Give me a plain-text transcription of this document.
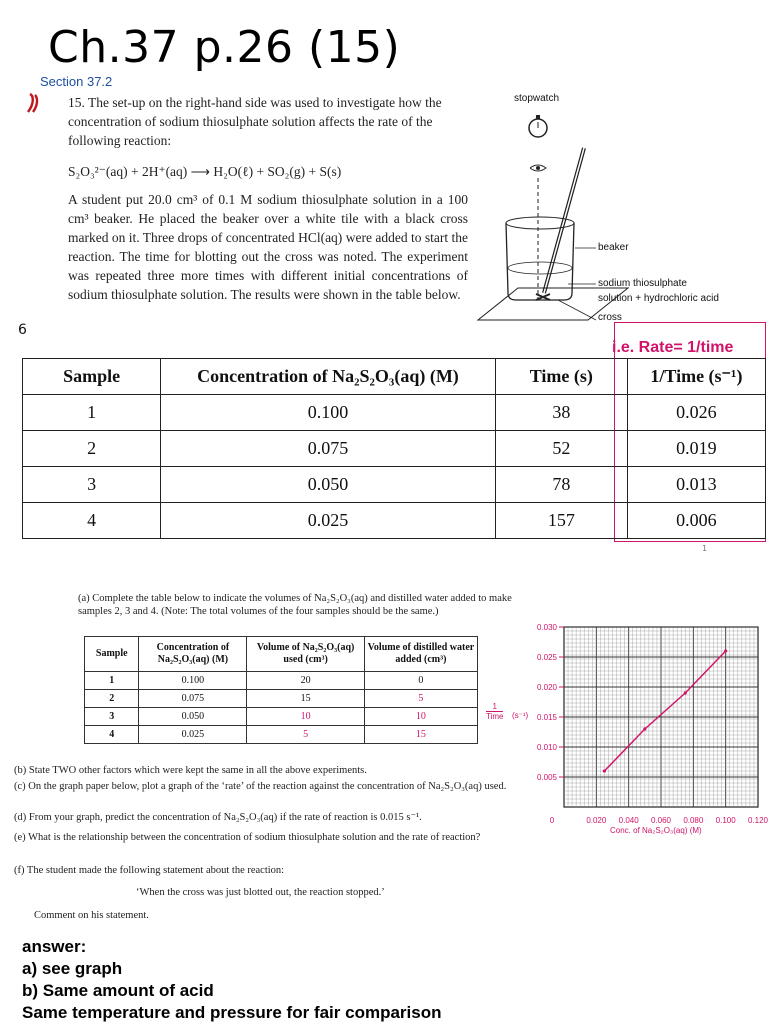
Ch.37 p.26 (15)
Section 37.2
15. The set-up on the right-hand side was used to investigate how the concentration of sodium thiosulphate solution affects the rate of the following reaction:
S₂O₃²⁻(aq) + 2H⁺(aq) ⟶ H₂O(ℓ) + SO₂(g) + S(s)
A student put 20.0 cm³ of 0.1 M sodium thiosulphate solution in a 100 cm³ beaker. He placed the beaker over a white tile with a black cross marked on it. Three drops of concentrated HCl(aq) were added to start the reaction. The time for blotting out the cross was noted. The experiment was repeated three more times with different initial concentrations of sodium thiosulphate solution. The results were shown in the table below.
stopwatch
beaker
sodium thiosulphate
solution + hydrochloric acid
cross
6
i.e. Rate= 1/time
Sample	Concentration of Na₂S₂O₃(aq) (M)	Time (s)	1/Time (s⁻¹)
1	0.100	38	0.026
2	0.075	52	0.019
3	0.050	78	0.013
4	0.025	157	0.006
1
(a) Complete the table below to indicate the volumes of Na₂S₂O₃(aq) and distilled water added to make samples 2, 3 and 4. (Note: The total volumes of the four samples should be the same.)
Sample	Concentration of Na₂S₂O₃(aq) (M)	Volume of Na₂S₂O₃(aq) used (cm³)	Volume of distilled water added (cm³)
1	0.100	20	0
2	0.075	15	5
3	0.050	10	10
4	0.025	5	15
(b) State TWO other factors which were kept the same in all the above experiments.
(c) On the graph paper below, plot a graph of the ‘rate’ of the reaction against the concentration of Na₂S₂O₃(aq) used.
(d) From your graph, predict the concentration of Na₂S₂O₃(aq) if the rate of reaction is 0.015 s⁻¹.
(e) What is the relationship between the concentration of sodium thiosulphate solution and the rate of reaction?
(f) The student made the following statement about the reaction:
‘When the cross was just blotted out, the reaction stopped.’
Comment on his statement.
0.030
0.025
0.020
0.015
0.010
0.005
0.020 0.040 0.060 0.080 0.100 0.120
0
1
Time (s⁻¹)
Conc. of Na₂S₂O₃(aq) (M)
answer:
a) see graph
b) Same amount of acid
Same temperature and pressure for fair comparison
